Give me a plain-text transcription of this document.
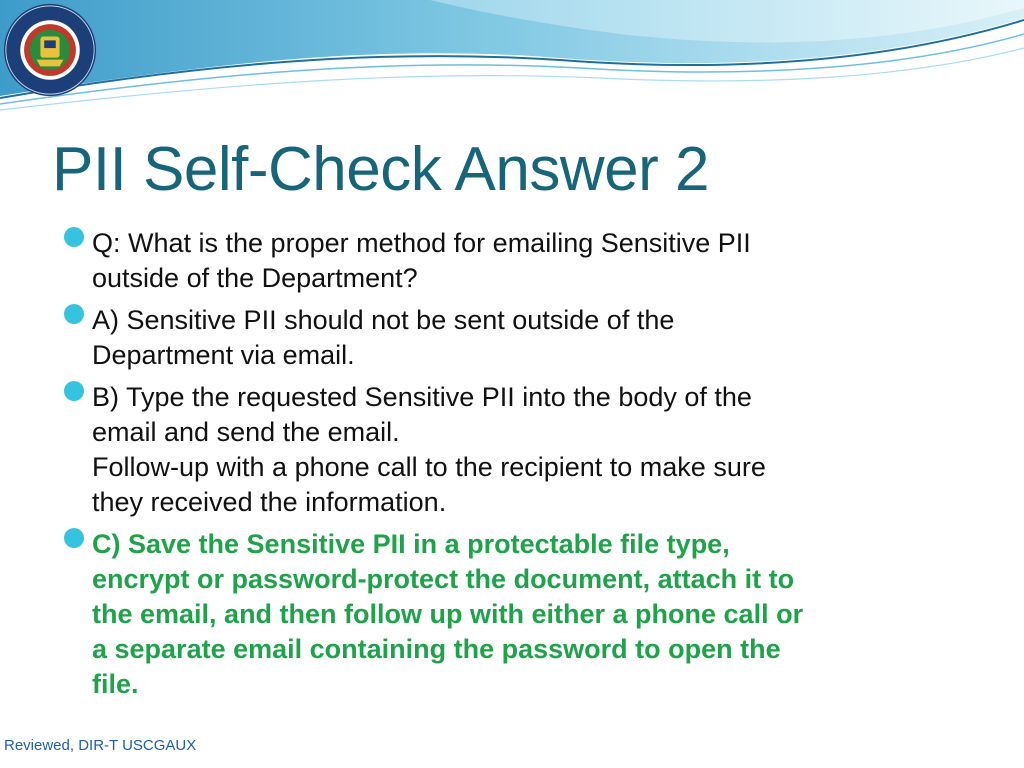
PII Self-Check Answer 2
Q: What is the proper method for emailing Sensitive PII
outside of the Department?
A) Sensitive PII should not be sent outside of the
Department via email.
B) Type the requested Sensitive PII into the body of the
email and send the email.
Follow-up with a phone call to the recipient to make sure
they received the information.
C) Save the Sensitive PII in a protectable file type,
encrypt or password-protect the document, attach it to
the email, and then follow up with either a phone call or
a separate email containing the password to open the
file.
Reviewed, DIR-T USCGAUX
